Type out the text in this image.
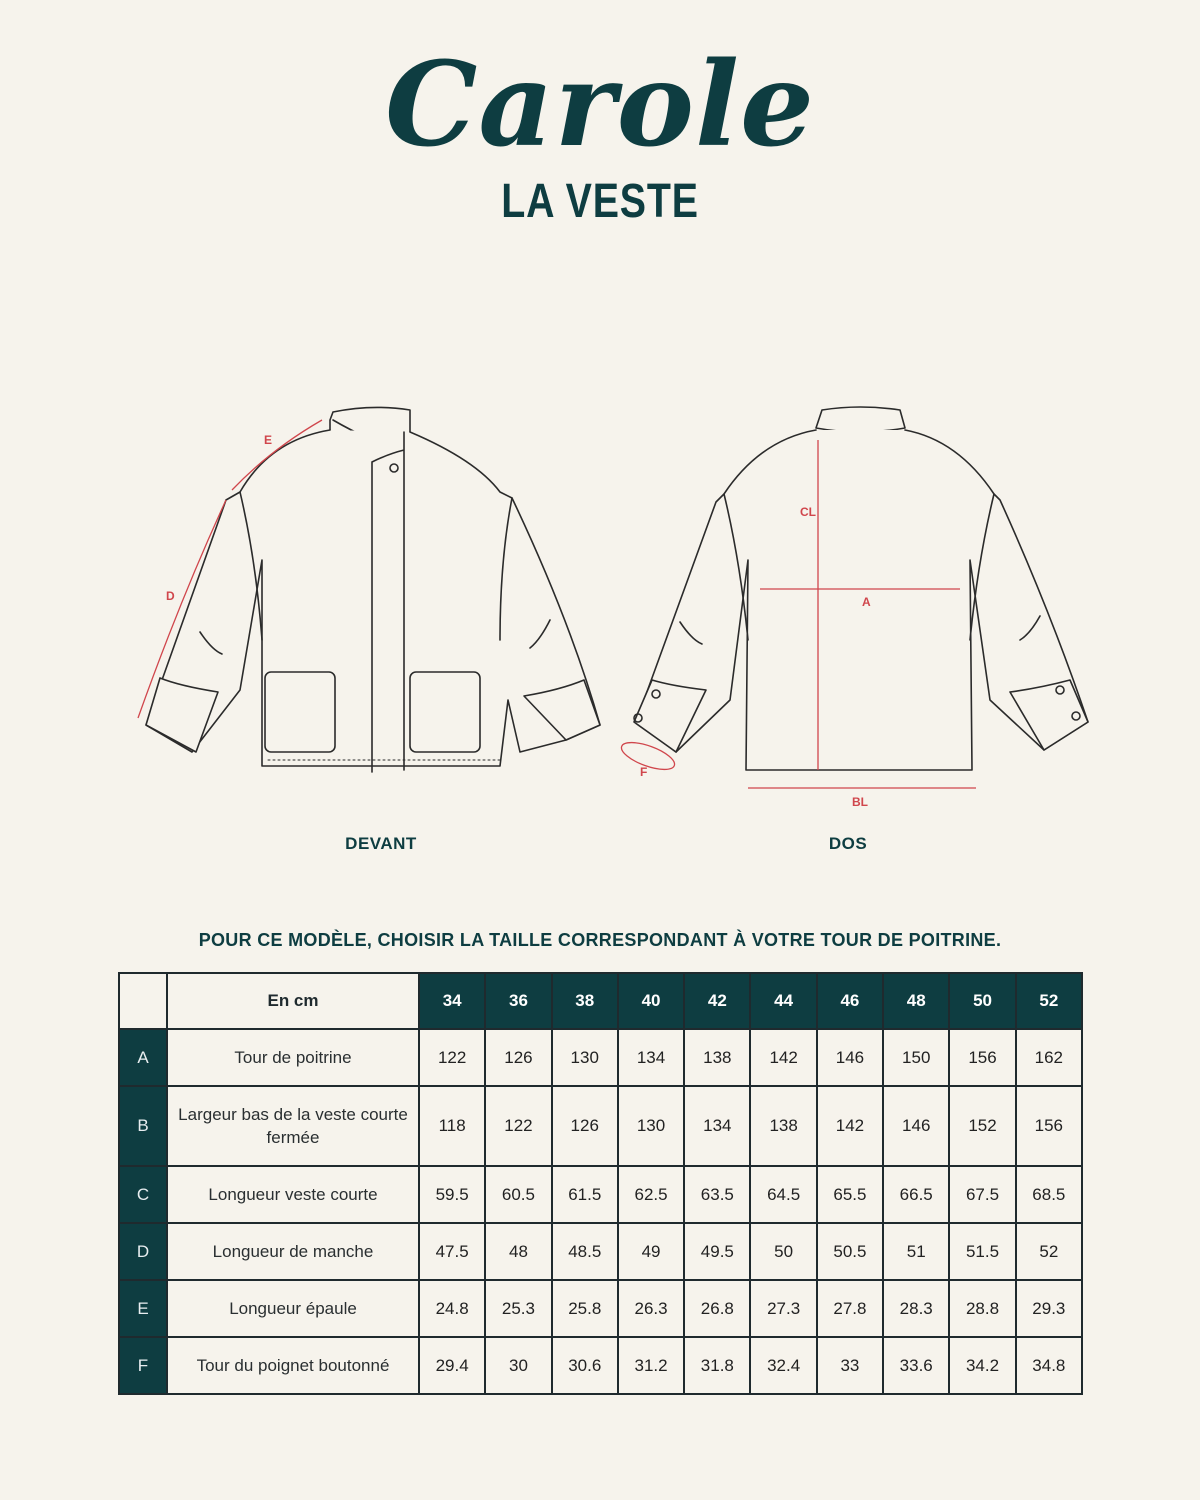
Carole
LA VESTE
E
D
CL
A
F
BL
DEVANT	DOS
POUR CE MODÈLE, CHOISIR LA TAILLE CORRESPONDANT À VOTRE TOUR DE POITRINE.
	En cm	34	36	38	40	42	44	46	48	50	52
A	Tour de poitrine	122	126	130	134	138	142	146	150	156	162
B	Largeur bas de la veste courte fermée	118	122	126	130	134	138	142	146	152	156
C	Longueur veste courte	59.5	60.5	61.5	62.5	63.5	64.5	65.5	66.5	67.5	68.5
D	Longueur de manche	47.5	48	48.5	49	49.5	50	50.5	51	51.5	52
E	Longueur épaule	24.8	25.3	25.8	26.3	26.8	27.3	27.8	28.3	28.8	29.3
F	Tour du poignet boutonné	29.4	30	30.6	31.2	31.8	32.4	33	33.6	34.2	34.8
